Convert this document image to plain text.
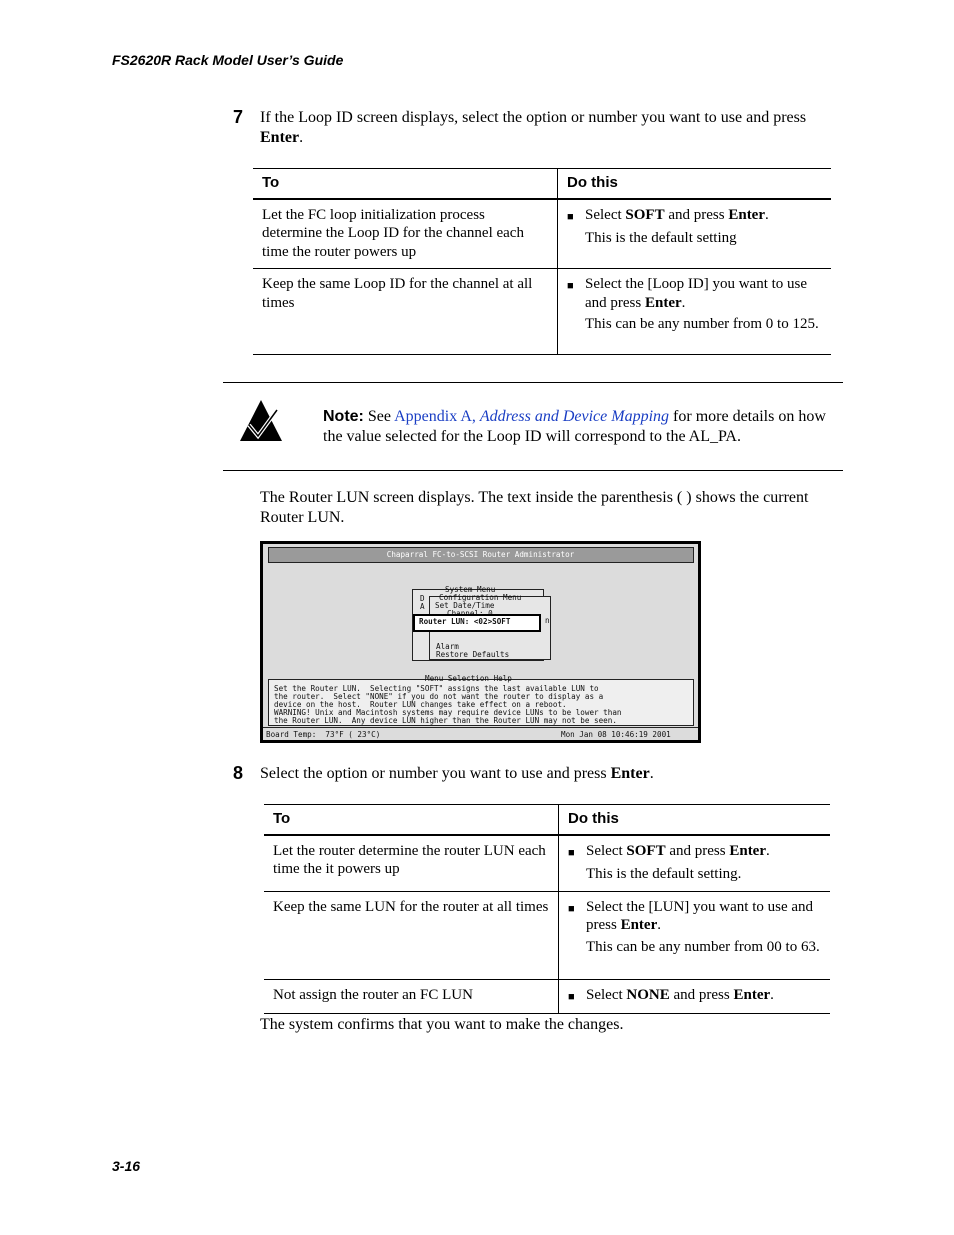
FS2620R Rack Model User’s Guide
7 If the Loop ID screen displays, select the option or number you want to use and press Enter.
To	Do this
Let the FC loop initialization process determine the Loop ID for the channel each time the router powers up	■ Select SOFT and press Enter.
This is the default setting

Keep the same Loop ID for the channel at all times	■ Select the [Loop ID] you want to use and press Enter.
This can be any number from 0 to 125.
Note: See Appendix A, Address and Device Mapping for more details on how the value selected for the Loop ID will correspond to the AL_PA.
The Router LUN screen displays. The text inside the parenthesis ( ) shows the current Router LUN.
Chaparral FC-to-SCSI Router Administrator
System Menu
D
A
Configuration Menu
Set Date/Time
Router LUN: <02>SOFT	n
Alarm
Restore Defaults
Menu Selection Help
Set the Router LUN.  Selecting "SOFT" assigns the last available LUN to
the router.  Select "NONE" if you do not want the router to display as a
device on the host.  Router LUN changes take effect on a reboot.
WARNING! Unix and Macintosh systems may require device LUNs to be lower than
the Router LUN.  Any device LUN higher than the Router LUN may not be seen.
Board Temp:  73°F ( 23°C)	Mon Jan 08 10:46:19 2001
8 Select the option or number you want to use and press Enter.
To	Do this
Let the router determine the router LUN each time the it powers up	■ Select SOFT and press Enter.
This is the default setting.

Keep the same LUN for the router at all times	■ Select the [LUN] you want to use and press Enter.
This can be any number from 00 to 63.

Not assign the router an FC LUN	■ Select NONE and press Enter.
The system confirms that you want to make the changes.
3-16
